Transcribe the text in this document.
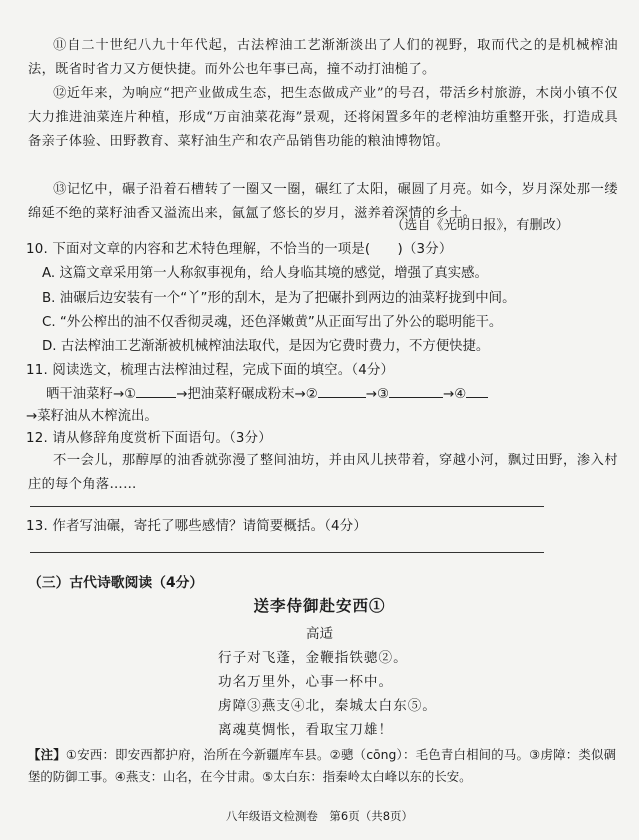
⑪自二十世纪八九十年代起，古法榨油工艺渐渐淡出了人们的视野，取而代之的是机械榨油法，既省时省力又方便快捷。而外公也年事已高，撞不动打油槌了。
⑫近年来，为响应“把产业做成生态，把生态做成产业”的号召，带活乡村旅游，木岗小镇不仅大力推进油菜连片种植，形成“万亩油菜花海”景观，还将闲置多年的老榨油坊重整开张，打造成具备亲子体验、田野教育、菜籽油生产和农产品销售功能的粮油博物馆。
⑬记忆中，碾子沿着石槽转了一圈又一圈，碾红了太阳，碾圆了月亮。如今，岁月深处那一缕绵延不绝的菜籽油香又溢流出来，氤氲了悠长的岁月，滋养着深情的乡土。
（选自《光明日报》，有删改）
10. 下面对文章的内容和艺术特色理解，不恰当的一项是(　　)（3分）
A. 这篇文章采用第一人称叙事视角，给人身临其境的感觉，增强了真实感。
B. 油碾后边安装有一个“丫”形的刮木，是为了把碾扑到两边的油菜籽拢到中间。
C. “外公榨出的油不仅香彻灵魂，还色泽嫩黄”从正面写出了外公的聪明能干。
D. 古法榨油工艺渐渐被机械榨油法取代，是因为它费时费力，不方便快捷。
11. 阅读选文，梳理古法榨油过程，完成下面的填空。（4分）
晒干油菜籽→①	→把油菜籽碾成粉末→②	→③	→④
→菜籽油从木榨流出。
12. 请从修辞角度赏析下面语句。（3分）
不一会儿，那醇厚的油香就弥漫了整间油坊，并由风儿挟带着，穿越小河，飘过田野，渗入村庄的每个角落……
13. 作者写油碾，寄托了哪些感情？请简要概括。（4分）
（三）古代诗歌阅读（4分）
送李侍御赴安西①
高适
行子对飞蓬，金鞭指铁骢②。
功名万里外，心事一杯中。
虏障③燕支④北，秦城太白东⑤。
离魂莫惆怅，看取宝刀雄！
【注】①安西：即安西都护府，治所在今新疆库车县。②骢（cōng）：毛色青白相间的马。③虏障：类似碉堡的防御工事。④燕支：山名，在今甘肃。⑤太白东：指秦岭太白峰以东的长安。
八年级语文检测卷　第6页（共8页）
